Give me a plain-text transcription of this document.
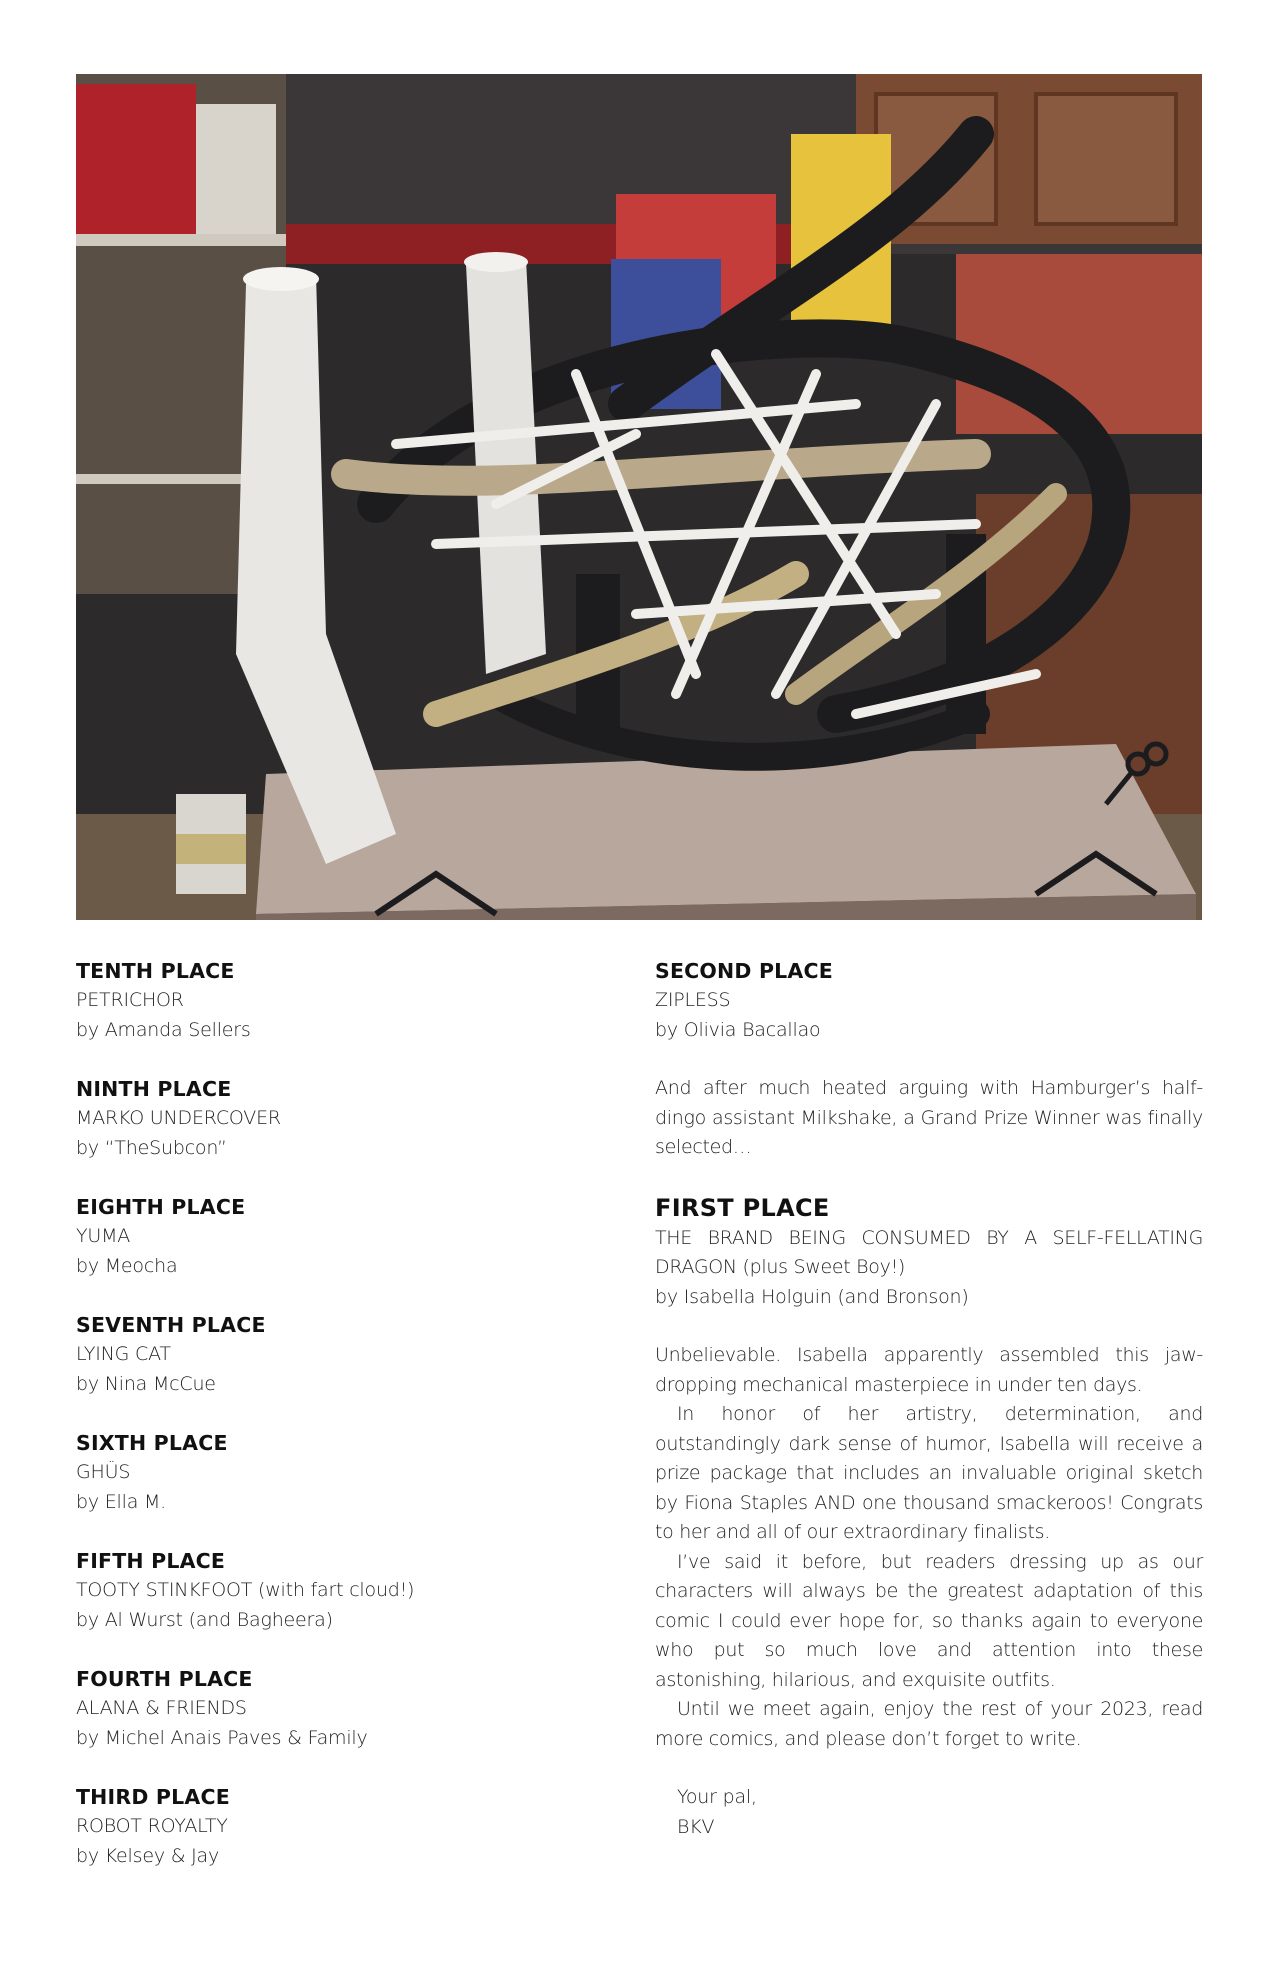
TENTH PLACE
PETRICHOR
by Amanda Sellers
NINTH PLACE
MARKO UNDERCOVER
by “TheSubcon”
EIGHTH PLACE
YUMA
by Meocha
SEVENTH PLACE
LYING CAT
by Nina McCue
SIXTH PLACE
GHÜS
by Ella M.
FIFTH PLACE
TOOTY STINKFOOT (with fart cloud!)
by Al Wurst (and Bagheera)
FOURTH PLACE
ALANA & FRIENDS
by Michel Anais Paves & Family
THIRD PLACE
ROBOT ROYALTY
by Kelsey & Jay
SECOND PLACE
ZIPLESS
by Olivia Bacallao

And after much heated arguing with Hamburger’s half-dingo assistant Milkshake, a Grand Prize Winner was finally selected…

FIRST PLACE
THE BRAND BEING CONSUMED BY A SELF-FELLATING DRAGON (plus Sweet Boy!)
by Isabella Holguin (and Bronson)

Unbelievable. Isabella apparently assembled this jaw-dropping mechanical masterpiece in under ten days.

In honor of her artistry, determination, and outstandingly dark sense of humor, Isabella will receive a prize package that includes an invaluable original sketch by Fiona Staples AND one thousand smackeroos! Congrats to her and all of our extraordinary finalists.

I’ve said it before, but readers dressing up as our characters will always be the greatest adaptation of this comic I could ever hope for, so thanks again to everyone who put so much love and attention into these astonishing, hilarious, and exquisite outfits.

Until we meet again, enjoy the rest of your 2023, read more comics, and please don’t forget to write.

Your pal,
BKV
